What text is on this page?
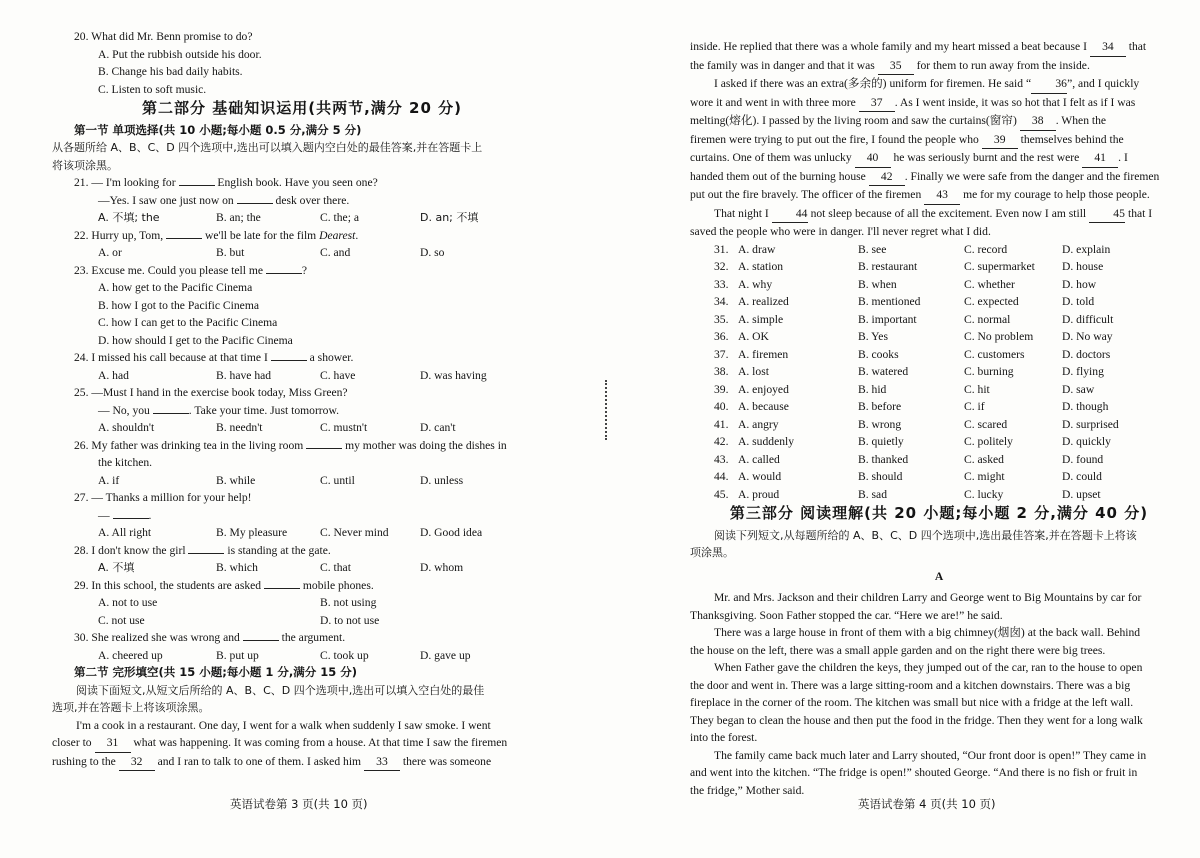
20. What did Mr. Benn promise to do?
A. Put the rubbish outside his door.
B. Change his bad daily habits.
C. Listen to soft music.
第二部分 基础知识运用(共两节,满分 20 分)
第一节 单项选择(共 10 小题;每小题 0.5 分,满分 5 分)
从各题所给 A、B、C、D 四个选项中,选出可以填入题内空白处的最佳答案,并在答题卡上
将该项涂黑。
21. — I'm looking for	English book. Have you seen one?
—Yes. I saw one just now on	desk over there.
A. 不填; the	B. an; the	C. the; a	D. an; 不填
22. Hurry up, Tom,	we'll be late for the film Dearest.
A. or	B. but	C. and	D. so
23. Excuse me. Could you please tell me	?
A. how get to the Pacific Cinema
B. how I got to the Pacific Cinema
C. how I can get to the Pacific Cinema
D. how should I get to the Pacific Cinema
24. I missed his call because at that time I	a shower.
A. had	B. have had	C. have	D. was having
25. —Must I hand in the exercise book today, Miss Green?
— No, you	. Take your time. Just tomorrow.
A. shouldn't	B. needn't	C. mustn't	D. can't
26. My father was drinking tea in the living room	my mother was doing the dishes in
the kitchen.
A. if	B. while	C. until	D. unless
27. — Thanks a million for your help!
—	.
A. All right	B. My pleasure	C. Never mind	D. Good idea
28. I don't know the girl	is standing at the gate.
A. 不填	B. which	C. that	D. whom
29. In this school, the students are asked	mobile phones.
A. not to use	B. not using
C. not use	D. to not use
30. She realized she was wrong and	the argument.
A. cheered up	B. put up	C. took up	D. gave up
第二节 完形填空(共 15 小题;每小题 1 分,满分 15 分)
阅读下面短文,从短文后所给的 A、B、C、D 四个选项中,选出可以填入空白处的最佳
选项,并在答题卡上将该项涂黑。
I'm a cook in a restaurant. One day, I went for a walk when suddenly I saw smoke. I went
closer to 31 what was happening. It was coming from a house. At that time I saw the firemen
rushing to the 32 and I ran to talk to one of them. I asked him 33 there was someone
英语试卷第 3 页(共 10 页)
inside. He replied that there was a whole family and my heart missed a beat because I 34 that
the family was in danger and that it was 35 for them to run away from the inside.
I asked if there was an extra(多余的) uniform for firemen. He said “ 36”, and I quickly
wore it and went in with three more 37 . As I went inside, it was so hot that I felt as if I was
melting(熔化). I passed by the living room and saw the curtains(窗帘) 38 . When the
firemen were trying to put out the fire, I found the people who 39 themselves behind the
curtains. One of them was unlucky 40 he was seriously burnt and the rest were 41 . I
handed them out of the burning house 42 . Finally we were safe from the danger and the firemen
put out the fire bravely. The officer of the firemen 43 me for my courage to help those people.
That night I 44 not sleep because of all the excitement. Even now I am still 45 that I
saved the people who were in danger. I'll never regret what I did.
31. A. draw	B. see	C. record	D. explain
32. A. station	B. restaurant	C. supermarket	D. house
33. A. why	B. when	C. whether	D. how
34. A. realized	B. mentioned	C. expected	D. told
35. A. simple	B. important	C. normal	D. difficult
36. A. OK	B. Yes	C. No problem	D. No way
37. A. firemen	B. cooks	C. customers	D. doctors
38. A. lost	B. watered	C. burning	D. flying
39. A. enjoyed	B. hid	C. hit	D. saw
40. A. because	B. before	C. if	D. though
41. A. angry	B. wrong	C. scared	D. surprised
42. A. suddenly	B. quietly	C. politely	D. quickly
43. A. called	B. thanked	C. asked	D. found
44. A. would	B. should	C. might	D. could
45. A. proud	B. sad	C. lucky	D. upset
第三部分 阅读理解(共 20 小题;每小题 2 分,满分 40 分)
阅读下列短文,从每题所给的 A、B、C、D 四个选项中,选出最佳答案,并在答题卡上将该
项涂黑。
A
Mr. and Mrs. Jackson and their children Larry and George went to Big Mountains by car for
Thanksgiving. Soon Father stopped the car. “Here we are!” he said.
There was a large house in front of them with a big chimney(烟囱) at the back wall. Behind
the house on the left, there was a small apple garden and on the right there were big trees.
When Father gave the children the keys, they jumped out of the car, ran to the house to open
the door and went in. There was a large sitting-room and a kitchen downstairs. There was a big
fireplace in the corner of the room. The kitchen was small but nice with a fridge at the left wall.
They began to clean the house and then put the food in the fridge. Then they went for a long walk
into the forest.
The family came back much later and Larry shouted, “Our front door is open!” They came in
and went into the kitchen. “The fridge is open!” shouted George. “And there is no fish or fruit in
the fridge,” Mother said.
英语试卷第 4 页(共 10 页)
